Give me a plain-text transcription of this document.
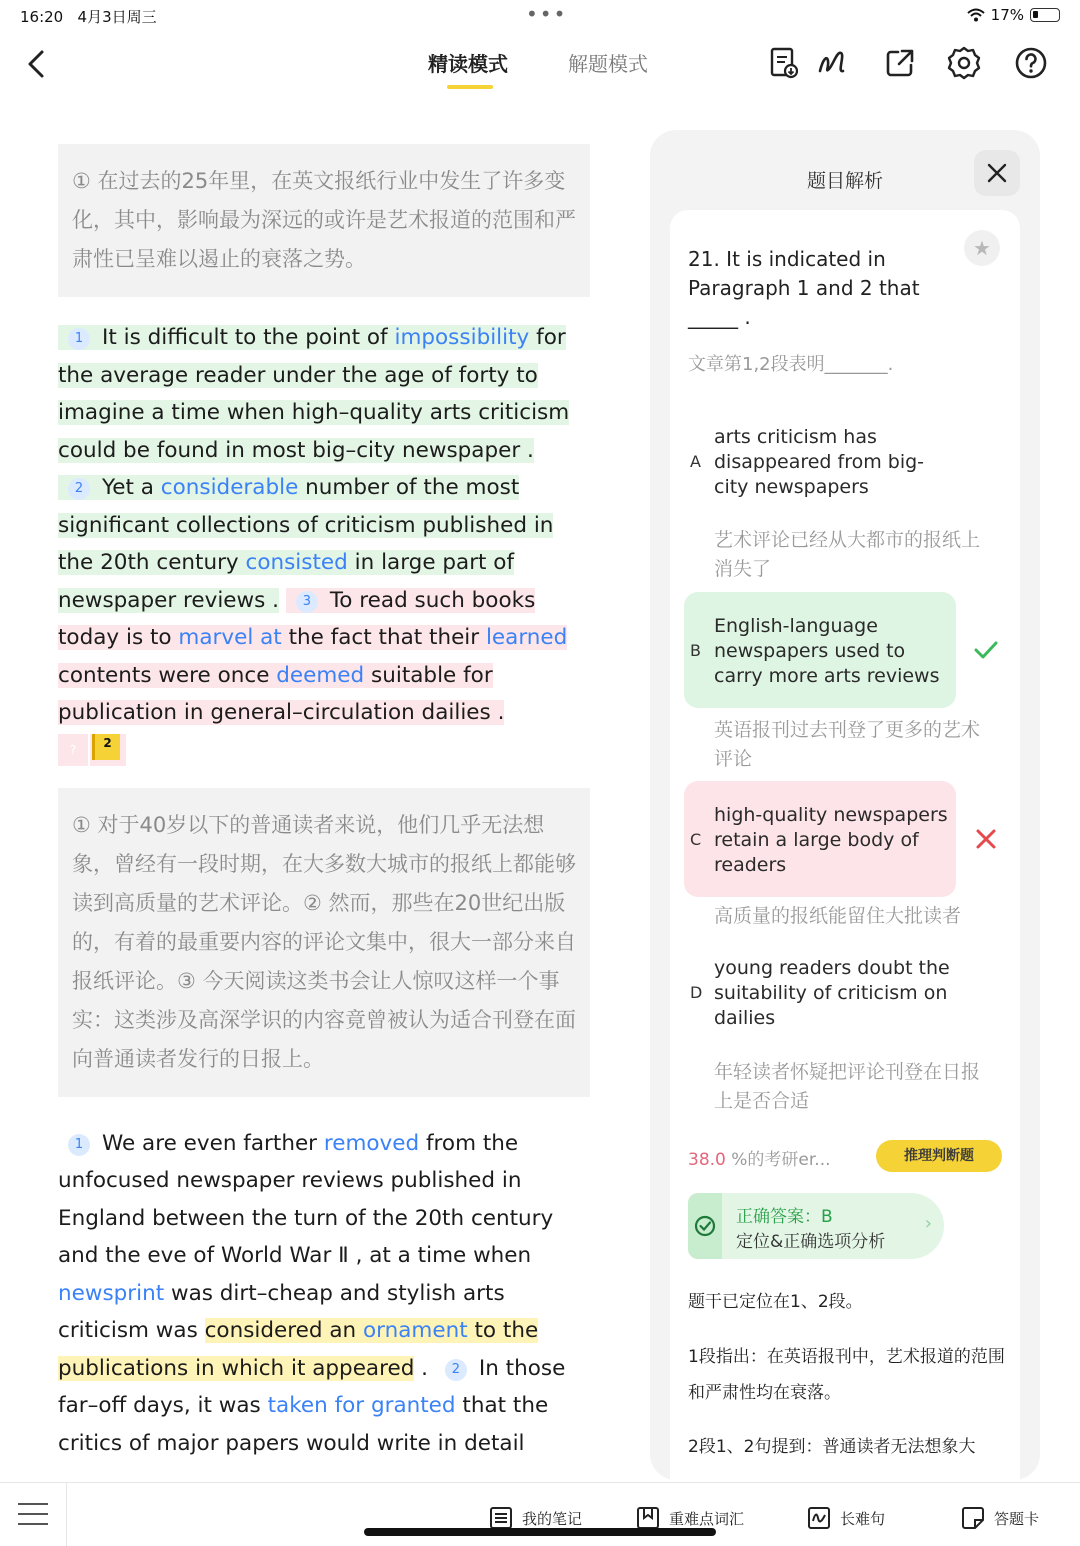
16:20 4月3日周三	•••	17%
精读模式	解题模式
① 在过去的25年里，在英文报纸行业中发生了许多变化，其中，影响最为深远的或许是艺术报道的范围和严肃性已呈难以遏止的衰落之势。
1 It is difficult to the point of impossibility for the average reader under the age of forty to imagine a time when high–quality arts criticism could be found in most big–city newspaper .
2 Yet a considerable number of the most significant collections of criticism published in the 20th century consisted in large part of newspaper reviews . 3 To read such books today is to marvel at the fact that their learned contents were once deemed suitable for publication in general–circulation dailies .
?	2
① 对于40岁以下的普通读者来说，他们几乎无法想象，曾经有一段时期，在大多数大城市的报纸上都能够读到高质量的艺术评论。② 然而，那些在20世纪出版的，有着的最重要内容的评论文集中，很大一部分来自报纸评论。③ 今天阅读这类书会让人惊叹这样一个事实：这类涉及高深学识的内容竟曾被认为适合刊登在面向普通读者发行的日报上。
1 We are even farther removed from the unfocused newspaper reviews published in England between the turn of the 20th century and the eve of World War Ⅱ , at a time when newsprint was dirt–cheap and stylish arts criticism was considered an ornament to the publications in which it appeared . 2 In those far–off days, it was taken for granted that the critics of major papers would write in detail
题目解析
★
21. It is indicated in Paragraph 1 and 2 that _____ .
文章第1,2段表明_______.
A
arts criticism has disappeared from big-city newspapers
艺术评论已经从大都市的报纸上消失了
B
English-language newspapers used to carry more arts reviews
英语报刊过去刊登了更多的艺术评论
C
high-quality newspapers retain a large body of readers
高质量的报纸能留住大批读者
D
young readers doubt the suitability of criticism on dailies
年轻读者怀疑把评论刊登在日报上是否合适
38.0 %的考研er...	推理判断题
正确答案：B
定位&正确选项分析
›
题干已定位在1、2段。
1段指出：在英语报刊中，艺术报道的范围和严肃性均在衰落。
2段1、2句提到：普通读者无法想象大
我的笔记	重难点词汇	长难句	答题卡
